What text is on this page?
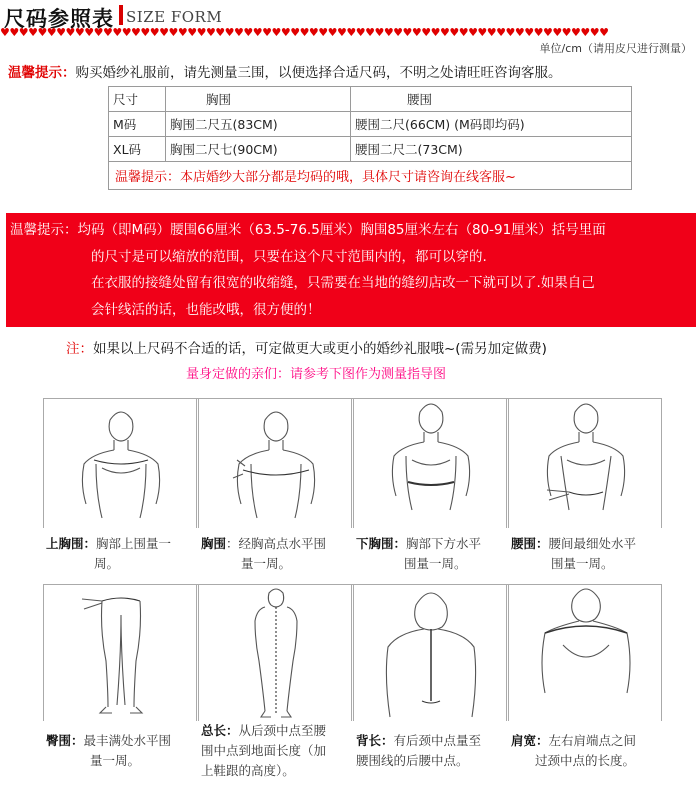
尺码参照表 SIZE FORM
♥♥♥♥♥♥♥♥♥♥♥♥♥♥♥♥♥♥♥♥♥♥♥♥♥♥♥♥♥♥♥♥♥♥♥♥♥♥♥♥♥♥♥♥♥♥♥♥♥♥♥♥♥♥♥♥♥♥♥♥♥♥♥♥♥
单位/cm（请用皮尺进行测量）
温馨提示：购买婚纱礼服前，请先测量三围，以便选择合适尺码，不明之处请旺旺咨询客服。
尺寸	胸围	腰围
M码	胸围二尺五(83CM)	腰围二尺(66CM) (M码即均码)
XL码	胸围二尺七(90CM)	腰围二尺二(73CM)
温馨提示：本店婚纱大部分都是均码的哦，具体尺寸请咨询在线客服~		
温馨提示：均码（即M码）腰围66厘米（63.5-76.5厘米）胸围85厘米左右（80-91厘米）括号里面
的尺寸是可以缩放的范围，只要在这个尺寸范围内的，都可以穿的.
在衣服的接缝处留有很宽的收缩缝，只需要在当地的缝纫店改一下就可以了.如果自己
会针线活的话，也能改哦，很方便的！
注：如果以上尺码不合适的话，可定做更大或更小的婚纱礼服哦~(需另加定做费)
量身定做的亲们：请参考下图作为测量指导图
上胸围：胸部上围量一
周。
胸围：经胸高点水平围
量一周。
下胸围：胸部下方水平
围量一周。
腰围：腰间最细处水平
围量一周。
臀围：最丰满处水平围
量一周。
总长：从后颈中点至腰
围中点到地面长度（加
上鞋跟的高度）。
背长：有后颈中点量至
腰围线的后腰中点。
肩宽：左右肩端点之间
过颈中点的长度。
